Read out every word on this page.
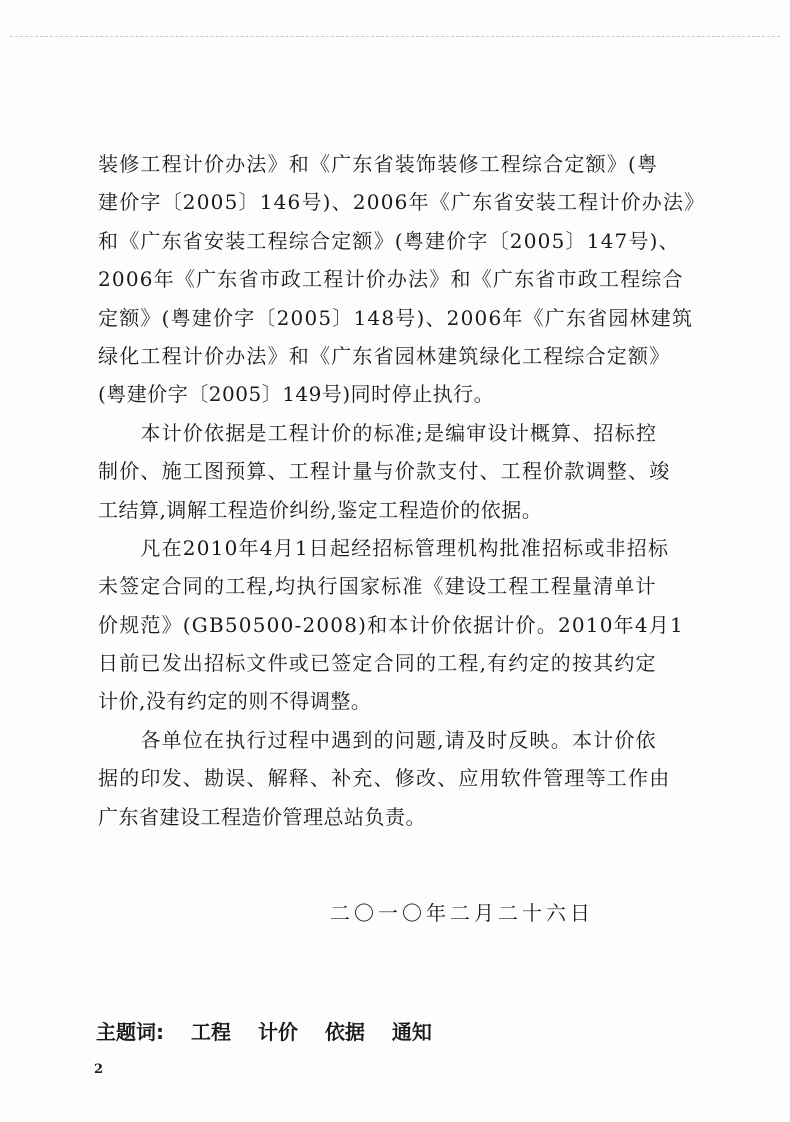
装修工程计价办法》和《广东省装饰装修工程综合定额》(粤
建价字〔2005〕146号)、2006年《广东省安装工程计价办法》
和《广东省安装工程综合定额》(粤建价字〔2005〕147号)、
2006年《广东省市政工程计价办法》和《广东省市政工程综合
定额》(粤建价字〔2005〕148号)、2006年《广东省园林建筑
绿化工程计价办法》和《广东省园林建筑绿化工程综合定额》
(粤建价字〔2005〕149号)同时停止执行。
　　本计价依据是工程计价的标准;是编审设计概算、招标控
制价、施工图预算、工程计量与价款支付、工程价款调整、竣
工结算,调解工程造价纠纷,鉴定工程造价的依据。
　　凡在2010年4月1日起经招标管理机构批准招标或非招标
未签定合同的工程,均执行国家标准《建设工程工程量清单计
价规范》(GB50500-2008)和本计价依据计价。2010年4月1
日前已发出招标文件或已签定合同的工程,有约定的按其约定
计价,没有约定的则不得调整。
　　各单位在执行过程中遇到的问题,请及时反映。本计价依
据的印发、勘误、解释、补充、修改、应用软件管理等工作由
广东省建设工程造价管理总站负责。
二〇一〇年二月二十六日
主题词: 工程 计价 依据 通知
2
